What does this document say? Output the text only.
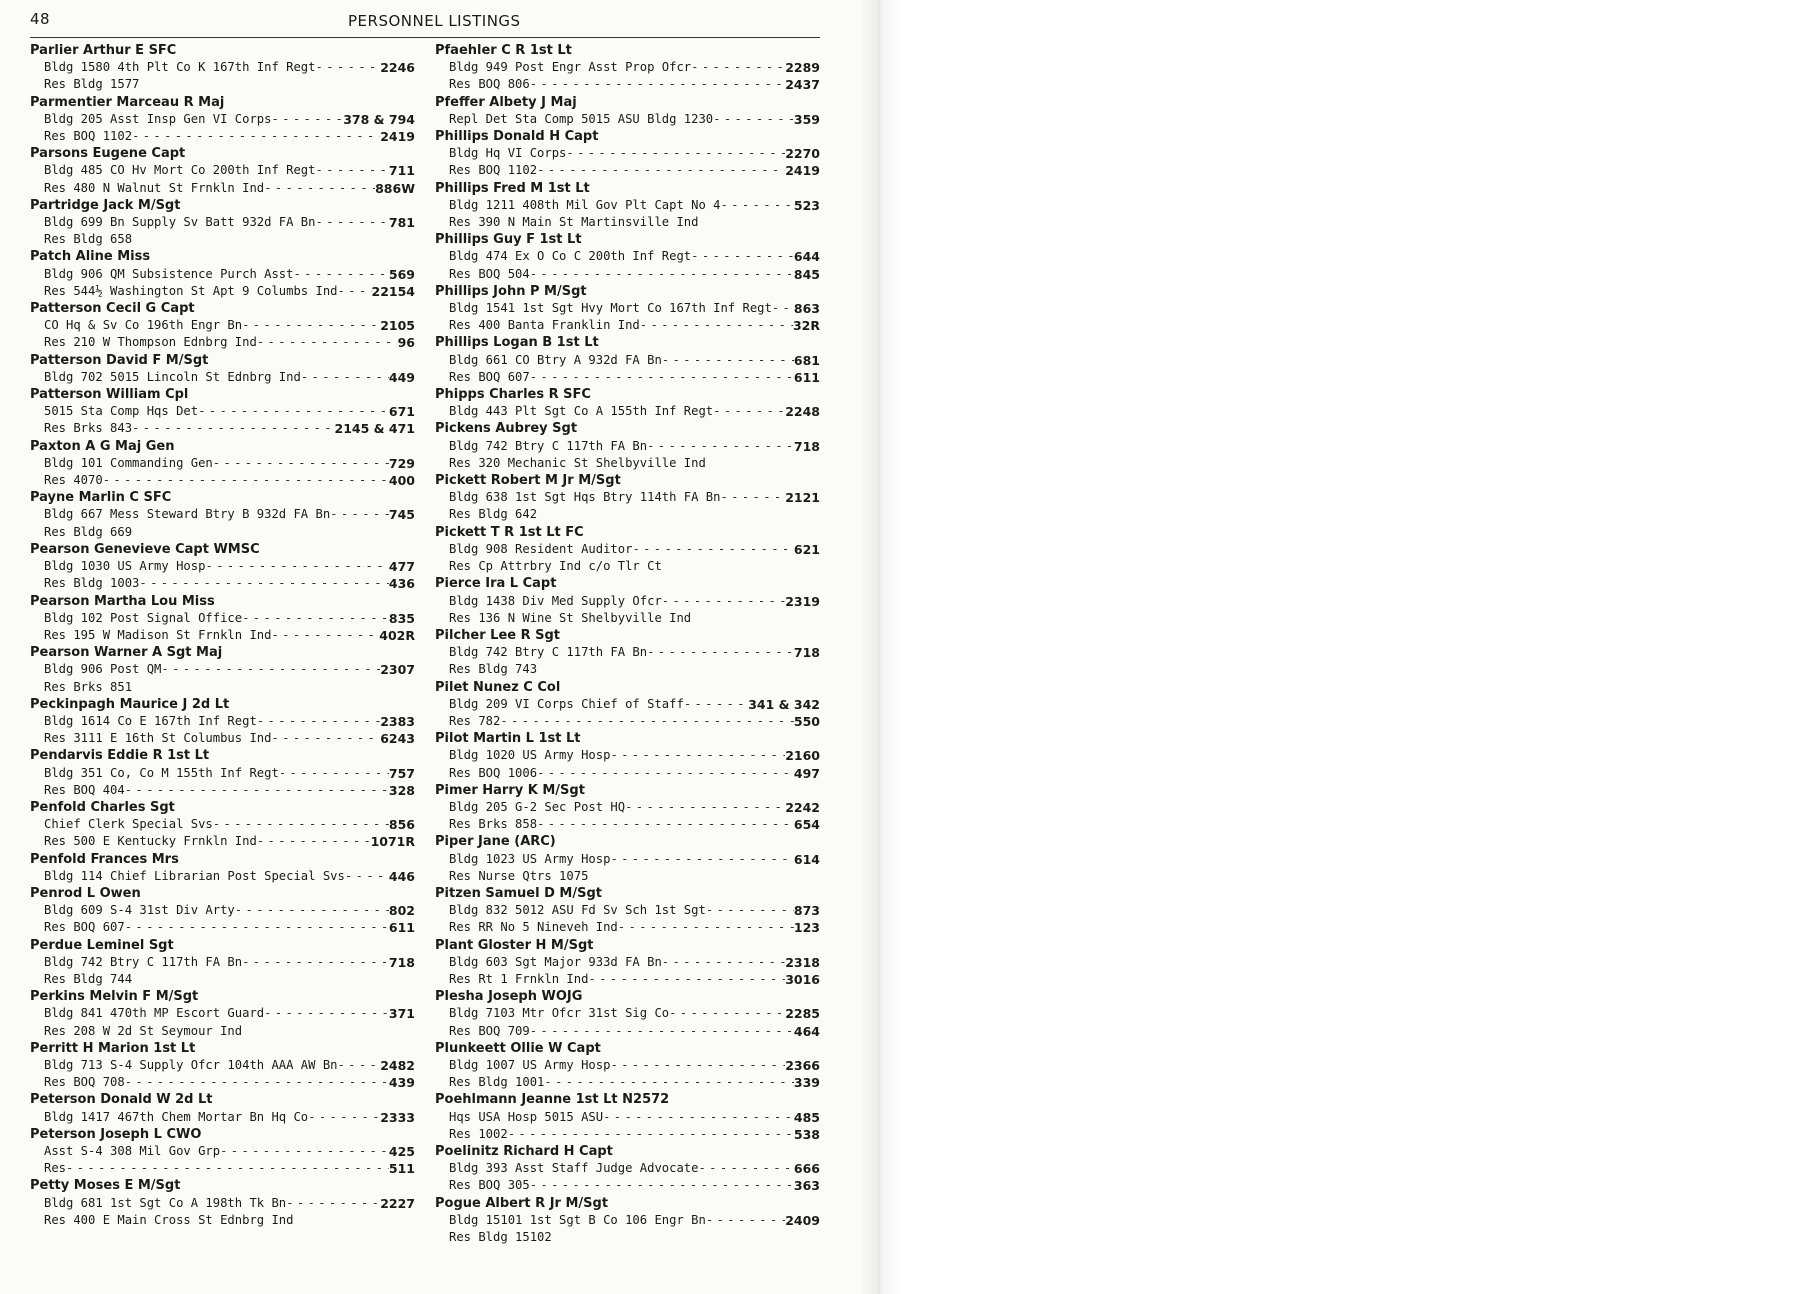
48	PERSONNEL LISTINGS
Parlier Arthur E SFC
Bldg 1580 4th Plt Co K 167th Inf Regt - - -	2246
Res Bldg 1577
Parmentier Marceau R Maj
Bldg 205 Asst Insp Gen VI Corps - - -	378 & 794
Res BOQ 1102 - - -	2419
Parsons Eugene Capt
Bldg 485 CO Hv Mort Co 200th Inf Regt - - -	711
Res 480 N Walnut St Frnkln Ind - - -	886W
Partridge Jack M/Sgt
Bldg 699 Bn Supply Sv Batt 932d FA Bn - - -	781
Res Bldg 658
Patch Aline Miss
Bldg 906 QM Subsistence Purch Asst - - -	569
Res 544½ Washington St Apt 9 Columbs Ind - - -	22154
Patterson Cecil G Capt
CO Hq & Sv Co 196th Engr Bn - - -	2105
Res 210 W Thompson Ednbrg Ind - - -	96
Patterson David F M/Sgt
Bldg 702 5015 Lincoln St Ednbrg Ind - - -	449
Patterson William Cpl
5015 Sta Comp Hqs Det - - -	671
Res Brks 843 - - -	2145 & 471
Paxton A G Maj Gen
Bldg 101 Commanding Gen - - -	729
Res 4070 - - -	400
Payne Marlin C SFC
Bldg 667 Mess Steward Btry B 932d FA Bn - - -	745
Res Bldg 669
Pearson Genevieve Capt WMSC
Bldg 1030 US Army Hosp - - -	477
Res Bldg 1003 - - -	436
Pearson Martha Lou Miss
Bldg 102 Post Signal Office - - -	835
Res 195 W Madison St Frnkln Ind - - -	402R
Pearson Warner A Sgt Maj
Bldg 906 Post QM - - -	2307
Res Brks 851
Peckinpagh Maurice J 2d Lt
Bldg 1614 Co E 167th Inf Regt - - -	2383
Res 3111 E 16th St Columbus Ind - - -	6243
Pendarvis Eddie R 1st Lt
Bldg 351 Co, Co M 155th Inf Regt - - -	757
Res BOQ 404 - - -	328
Penfold Charles Sgt
Chief Clerk Special Svs - - -	856
Res 500 E Kentucky Frnkln Ind - - -	1071R
Penfold Frances Mrs
Bldg 114 Chief Librarian Post Special Svs - - -	446
Penrod L Owen
Bldg 609 S-4 31st Div Arty - - -	802
Res BOQ 607 - - -	611
Perdue Leminel Sgt
Bldg 742 Btry C 117th FA Bn - - -	718
Res Bldg 744
Perkins Melvin F M/Sgt
Bldg 841 470th MP Escort Guard - - -	371
Res 208 W 2d St Seymour Ind
Perritt H Marion 1st Lt
Bldg 713 S-4 Supply Ofcr 104th AAA AW Bn - - -	2482
Res BOQ 708 - - -	439
Peterson Donald W 2d Lt
Bldg 1417 467th Chem Mortar Bn Hq Co - - -	2333
Peterson Joseph L CWO
Asst S-4 308 Mil Gov Grp - - -	425
Res - - -	511
Petty Moses E M/Sgt
Bldg 681 1st Sgt Co A 198th Tk Bn - - -	2227
Res 400 E Main Cross St Ednbrg Ind
Pfaehler C R 1st Lt
Bldg 949 Post Engr Asst Prop Ofcr - - -	2289
Res BOQ 806 - - -	2437
Pfeffer Albety J Maj
Repl Det Sta Comp 5015 ASU Bldg 1230 - - -	359
Phillips Donald H Capt
Bldg Hq VI Corps - - -	2270
Res BOQ 1102 - - -	2419
Phillips Fred M 1st Lt
Bldg 1211 408th Mil Gov Plt Capt No 4 - - -	523
Res 390 N Main St Martinsville Ind
Phillips Guy F 1st Lt
Bldg 474 Ex O Co C 200th Inf Regt - - -	644
Res BOQ 504 - - -	845
Phillips John P M/Sgt
Bldg 1541 1st Sgt Hvy Mort Co 167th Inf Regt - - - 863
Res 400 Banta Franklin Ind - - -	32R
Phillips Logan B 1st Lt
Bldg 661 CO Btry A 932d FA Bn - - -	681
Res BOQ 607 - - -	611
Phipps Charles R SFC
Bldg 443 Plt Sgt Co A 155th Inf Regt - - -	2248
Pickens Aubrey Sgt
Bldg 742 Btry C 117th FA Bn - - -	718
Res 320 Mechanic St Shelbyville Ind
Pickett Robert M Jr M/Sgt
Bldg 638 1st Sgt Hqs Btry 114th FA Bn - - -	2121
Res Bldg 642
Pickett T R 1st Lt FC
Bldg 908 Resident Auditor - - -	621
Res Cp Attrbry Ind c/o Tlr Ct
Pierce Ira L Capt
Bldg 1438 Div Med Supply Ofcr - - -	2319
Res 136 N Wine St Shelbyville Ind
Pilcher Lee R Sgt
Bldg 742 Btry C 117th FA Bn - - -	718
Res Bldg 743
Pilet Nunez C Col
Bldg 209 VI Corps Chief of Staff - - -	341 & 342
Res 782 - - -	550
Pilot Martin L 1st Lt
Bldg 1020 US Army Hosp - - -	2160
Res BOQ 1006 - - -	497
Pimer Harry K M/Sgt
Bldg 205 G-2 Sec Post HQ - - -	2242
Res Brks 858 - - -	654
Piper Jane (ARC)
Bldg 1023 US Army Hosp - - -	614
Res Nurse Qtrs 1075
Pitzen Samuel D M/Sgt
Bldg 832 5012 ASU Fd Sv Sch 1st Sgt - - -	873
Res RR No 5 Nineveh Ind - - -	123
Plant Gloster H M/Sgt
Bldg 603 Sgt Major 933d FA Bn - - -	2318
Res Rt 1 Frnkln Ind - - -	3016
Plesha Joseph WOJG
Bldg 7103 Mtr Ofcr 31st Sig Co - - -	2285
Res BOQ 709 - - -	464
Plunkeett Ollie W Capt
Bldg 1007 US Army Hosp - - -	2366
Res Bldg 1001 - - -	339
Poehlmann Jeanne 1st Lt N2572
Hqs USA Hosp 5015 ASU - - -	485
Res 1002 - - -	538
Poelinitz Richard H Capt
Bldg 393 Asst Staff Judge Advocate - - -	666
Res BOQ 305 - - -	363
Pogue Albert R Jr M/Sgt
Bldg 15101 1st Sgt B Co 106 Engr Bn - - -	2409
Res Bldg 15102
